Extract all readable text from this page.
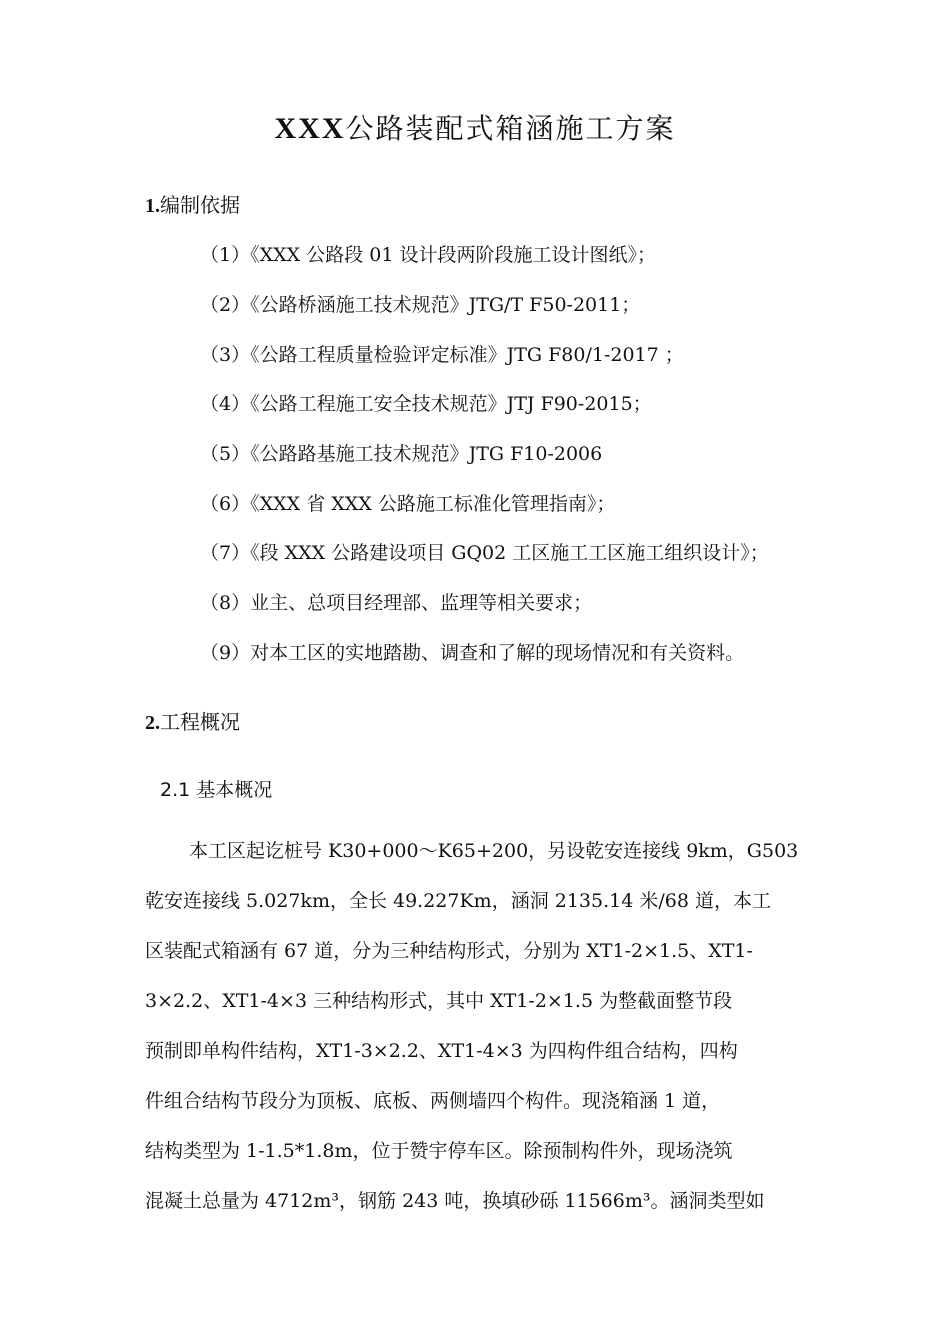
XXX公路装配式箱涵施工方案
1.编制依据
（1）《XXX 公路段 01 设计段两阶段施工设计图纸》；
（2）《公路桥涵施工技术规范》JTG/T F50-2011；
（3）《公路工程质量检验评定标准》JTG F80/1-2017 ；
（4）《公路工程施工安全技术规范》JTJ F90-2015；
（5）《公路路基施工技术规范》JTG F10-2006
（6）《XXX 省 XXX 公路施工标准化管理指南》；
（7）《段 XXX 公路建设项目 GQ02 工区施工工区施工组织设计》；
（8）业主、总项目经理部、监理等相关要求；
（9）对本工区的实地踏勘、调查和了解的现场情况和有关资料。
2.工程概况
2.1 基本概况

本工区起讫桩号 K30+000～K65+200，另设乾安连接线 9km，G503
乾安连接线 5.027km，全长 49.227Km，涵洞 2135.14 米/68 道，本工
区装配式箱涵有 67 道，分为三种结构形式，分别为 XT1-2×1.5、XT1-
3×2.2、XT1-4×3 三种结构形式，其中 XT1-2×1.5 为整截面整节段
预制即单构件结构，XT1-3×2.2、XT1-4×3 为四构件组合结构，四构
件组合结构节段分为顶板、底板、两侧墙四个构件。现浇箱涵 1 道，
结构类型为 1-1.5*1.8m，位于赞宇停车区。除预制构件外，现场浇筑
混凝土总量为 4712m³，钢筋 243 吨，换填砂砾 11566m³。涵洞类型如
